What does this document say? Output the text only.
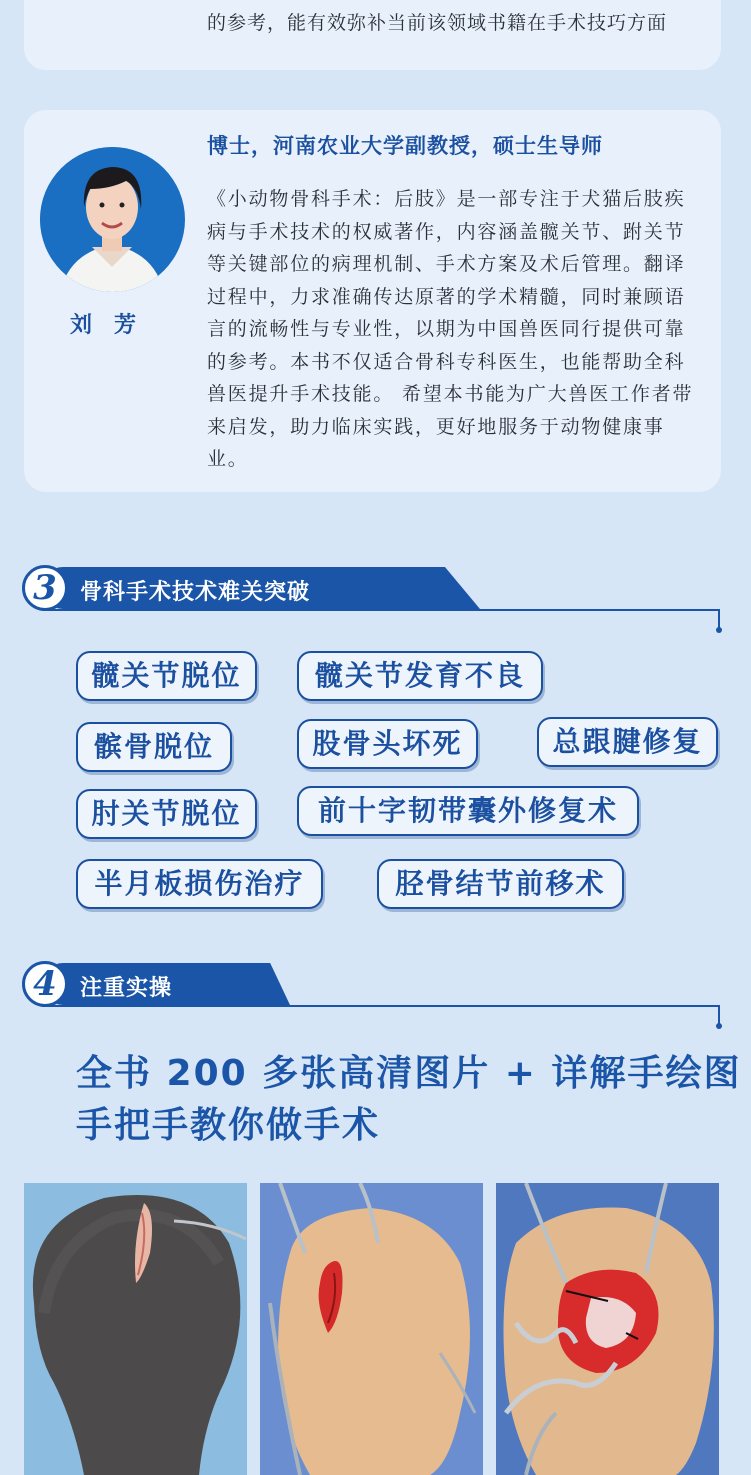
的参考，能有效弥补当前该领域书籍在手术技巧方面
刘芳
博士，河南农业大学副教授，硕士生导师
《小动物骨科手术：后肢》是一部专注于犬猫后肢疾病与手术技术的权威著作，内容涵盖髋关节、跗关节等关键部位的病理机制、手术方案及术后管理。翻译过程中，力求准确传达原著的学术精髓，同时兼顾语言的流畅性与专业性，以期为中国兽医同行提供可靠的参考。本书不仅适合骨科专科医生，也能帮助全科兽医提升手术技能。 希望本书能为广大兽医工作者带来启发，助力临床实践，更好地服务于动物健康事业。
3	骨科手术技术难关突破
髋关节脱位	髋关节发育不良
髌骨脱位	股骨头坏死	总跟腱修复
肘关节脱位	前十字韧带囊外修复术
半月板损伤治疗	胫骨结节前移术
4	注重实操
全书 200 多张高清图片 + 详解手绘图
手把手教你做手术
